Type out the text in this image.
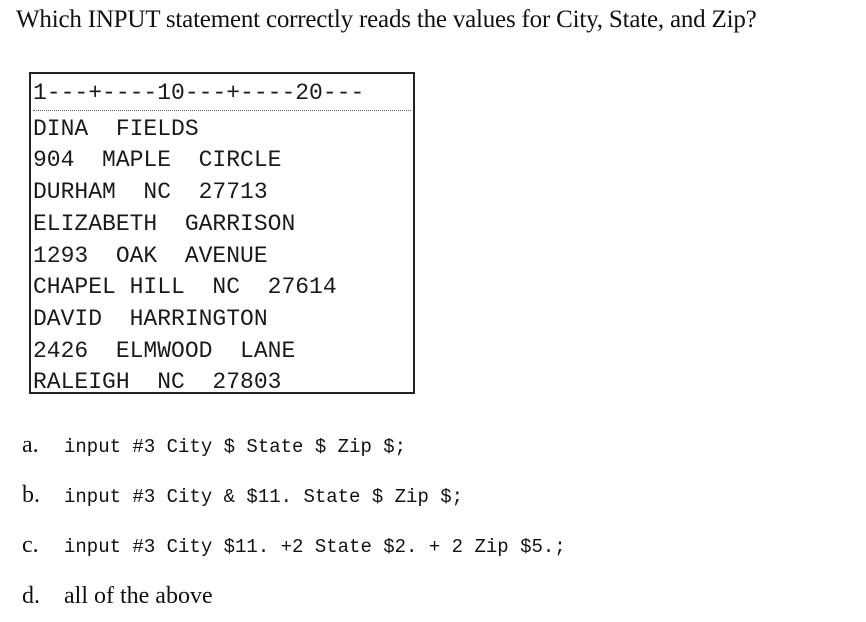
Which INPUT statement correctly reads the values for City, State, and Zip?
1---+----10---+----20---
DINA  FIELDS
904  MAPLE  CIRCLE
DURHAM  NC  27713
ELIZABETH  GARRISON
1293  OAK  AVENUE
CHAPEL HILL  NC  27614
DAVID  HARRINGTON
2426  ELMWOOD  LANE
RALEIGH  NC  27803
a. input #3 City $ State $ Zip $;
b. input #3 City & $11. State $ Zip $;
c. input #3 City $11. +2 State $2. + 2 Zip $5.;
d. all of the above
